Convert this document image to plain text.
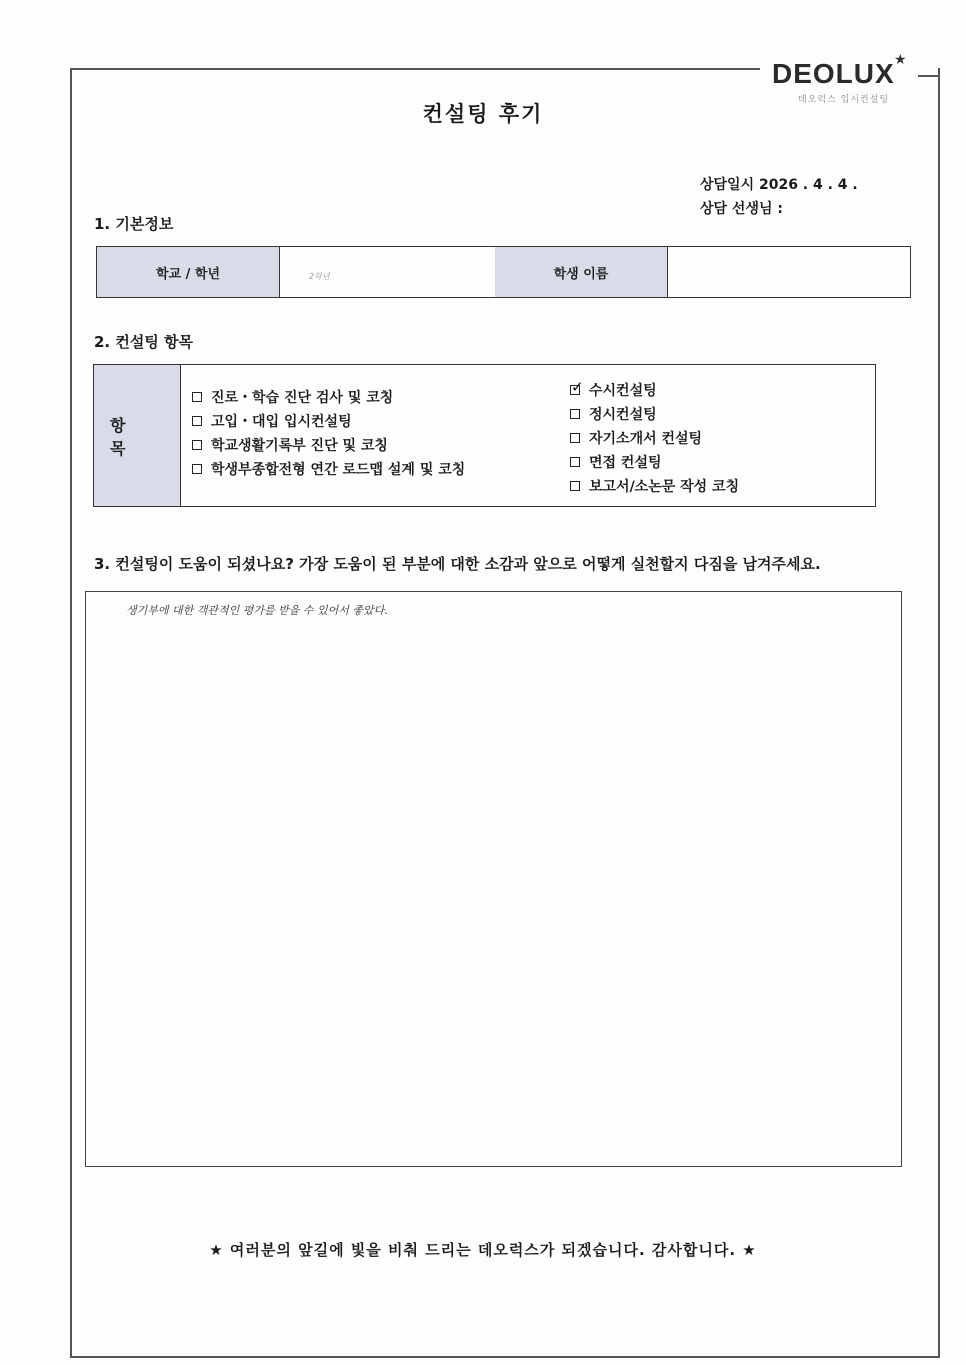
DEOLUX ★
데오럭스 입시컨설팅
컨설팅 후기
상담일시 2026 . 4 . 4 .
상담 선생님 :
1. 기본정보
학교 / 학년	2학년	학생 이름
2. 컨설팅 항목
항 목
진로・학습 진단 검사 및 코칭
고입・대입 입시컨설팅
학교생활기록부 진단 및 코칭
학생부종합전형 연간 로드맵 설계 및 코칭
✓
수시컨설팅
정시컨설팅
자기소개서 컨설팅
면접 컨설팅
보고서/소논문 작성 코칭
3. 컨설팅이 도움이 되셨나요? 가장 도움이 된 부분에 대한 소감과 앞으로 어떻게 실천할지 다짐을 남겨주세요.
생기부에 대한 객관적인 평가를 받을 수 있어서 좋았다.
★ 여러분의 앞길에 빛을 비춰 드리는 데오럭스가 되겠습니다. 감사합니다. ★
